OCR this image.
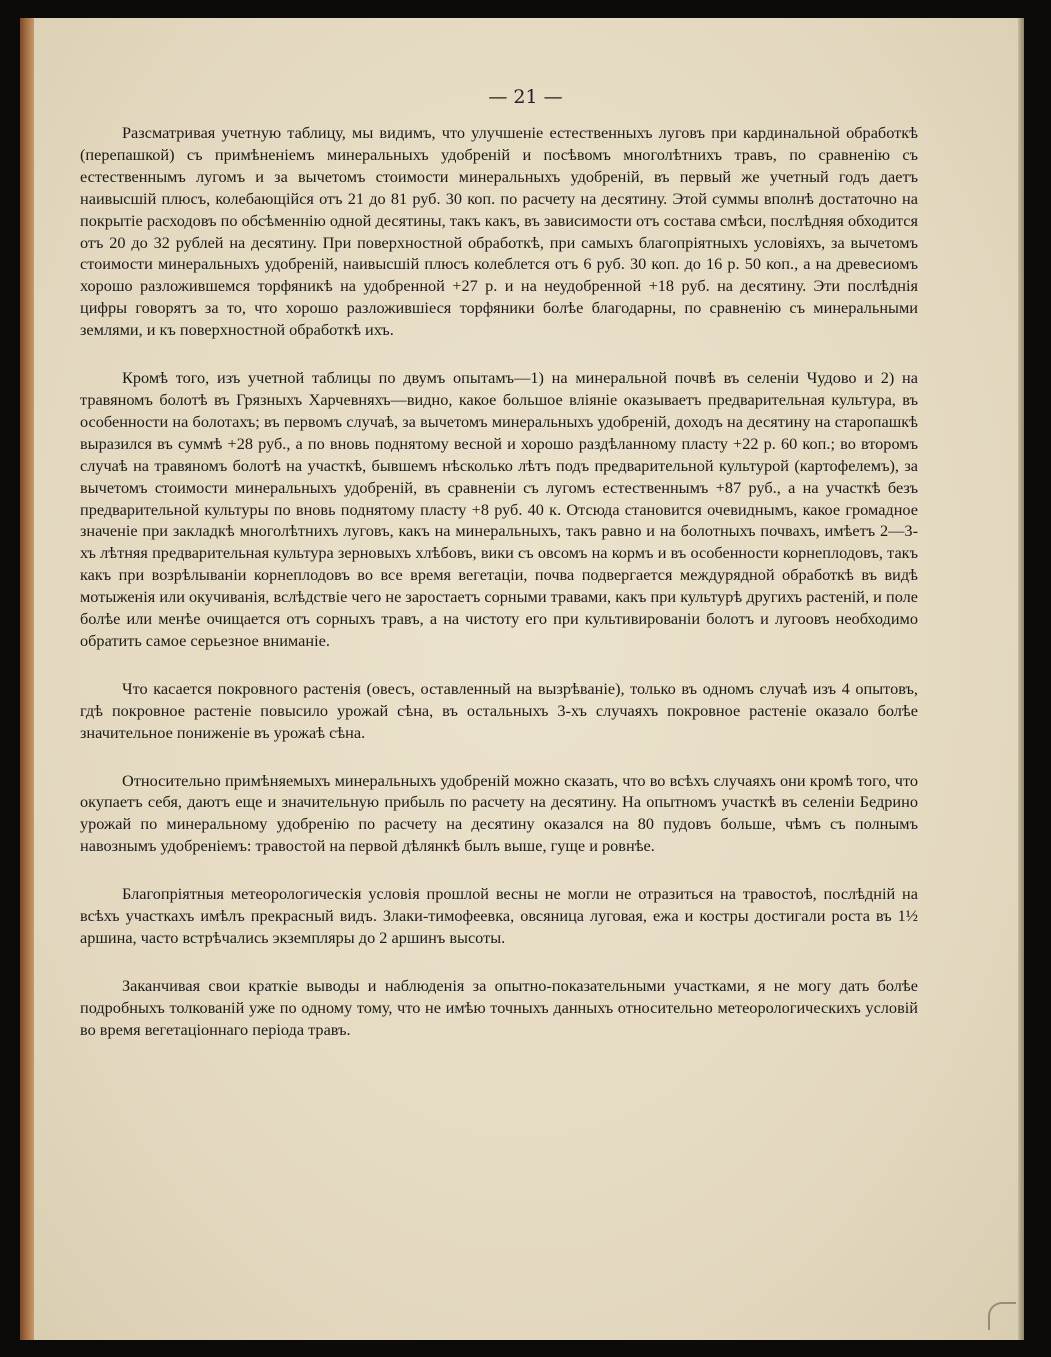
— 21 —

Разсматривая учетную таблицу, мы видимъ, что улучшеніе естественныхъ луговъ при кардинальной обработкѣ (перепашкой) съ примѣненіемъ минеральныхъ удобреній и посѣвомъ многолѣтнихъ травъ, по сравненію съ естественнымъ лугомъ и за вычетомъ стоимости минеральныхъ удобреній, въ первый же учетный годъ даетъ наивысшій плюсъ, колебающійся отъ 21 до 81 руб. 30 коп. по расчету на десятину. Этой суммы вполнѣ достаточно на покрытіе расходовъ по обсѣменнію одной десятины, такъ какъ, въ зависимости отъ состава смѣси, послѣдняя обходится отъ 20 до 32 рублей на десятину. При поверхностной обработкѣ, при самыхъ благопріятныхъ условіяхъ, за вычетомъ стоимости минеральныхъ удобреній, наивысшій плюсъ колеблется отъ 6 руб. 30 коп. до 16 р. 50 коп., а на древесиомъ хорошо разложившемся торфяникѣ на удобренной +27 р. и на неудобренной +18 руб. на десятину. Эти послѣднія цифры говорятъ за то, что хорошо разложившіеся торфяники болѣе благодарны, по сравненію съ минеральными землями, и къ поверхностной обработкѣ ихъ.

Кромѣ того, изъ учетной таблицы по двумъ опытамъ—1) на минеральной почвѣ въ селеніи Чудово и 2) на травяномъ болотѣ въ Грязныхъ Харчевняхъ—видно, какое большое вліяніе оказываетъ предварительная культура, въ особенности на болотахъ; въ первомъ случаѣ, за вычетомъ минеральныхъ удобреній, доходъ на десятину на старопашкѣ выразился въ суммѣ +28 руб., а по вновь поднятому весной и хорошо раздѣланному пласту +22 р. 60 коп.; во второмъ случаѣ на травяномъ болотѣ на участкѣ, бывшемъ нѣсколько лѣтъ подъ предварительной культурой (картофелемъ), за вычетомъ стоимости минеральныхъ удобреній, въ сравненіи съ лугомъ естественнымъ +87 руб., а на участкѣ безъ предварительной культуры по вновь поднятому пласту +8 руб. 40 к. Отсюда становится очевиднымъ, какое громадное значеніе при закладкѣ многолѣтнихъ луговъ, какъ на минеральныхъ, такъ равно и на болотныхъ почвахъ, имѣетъ 2—3-хъ лѣтняя предварительная культура зерновыхъ хлѣбовъ, вики съ овсомъ на кормъ и въ особенности корнеплодовъ, такъ какъ при возрѣлываніи корнеплодовъ во все время вегетаціи, почва подвергается междурядной обработкѣ въ видѣ мотыженія или окучиванія, вслѣдствіе чего не заростаетъ сорными травами, какъ при культурѣ другихъ растеній, и поле болѣе или менѣе очищается отъ сорныхъ травъ, а на чистоту его при культивированіи болотъ и лугоовъ необходимо обратить самое серьезное вниманіе.

Что касается покровного растенія (овесъ, оставленный на вызрѣваніе), только въ одномъ случаѣ изъ 4 опытовъ, гдѣ покровное растеніе повысило урожай сѣна, въ остальныхъ 3-хъ случаяхъ покровное растеніе оказало болѣе значительное пониженіе въ урожаѣ сѣна.

Относительно примѣняемыхъ минеральныхъ удобреній можно сказать, что во всѣхъ случаяхъ они кромѣ того, что окупаетъ себя, даютъ еще и значительную прибыль по расчету на десятину. На опытномъ участкѣ въ селеніи Бедрино урожай по минеральному удобренію по расчету на десятину оказался на 80 пудовъ больше, чѣмъ съ полнымъ навознымъ удобреніемъ: травостой на первой дѣлянкѣ былъ выше, гуще и ровнѣе.

Благопріятныя метеорологическія условія прошлой весны не могли не отразиться на травостоѣ, послѣдній на всѣхъ участкахъ имѣлъ прекрасный видъ. Злаки-тимофеевка, овсяница луговая, ежа и костры достигали роста въ 1½ аршина, часто встрѣчались экземпляры до 2 аршинъ высоты.

Заканчивая свои краткіе выводы и наблюденія за опытно-показательными участками, я не могу дать болѣе подробныхъ толкованій уже по одному тому, что не имѣю точныхъ данныхъ относительно метеорологическихъ условій во время вегетаціоннаго періода травъ.
